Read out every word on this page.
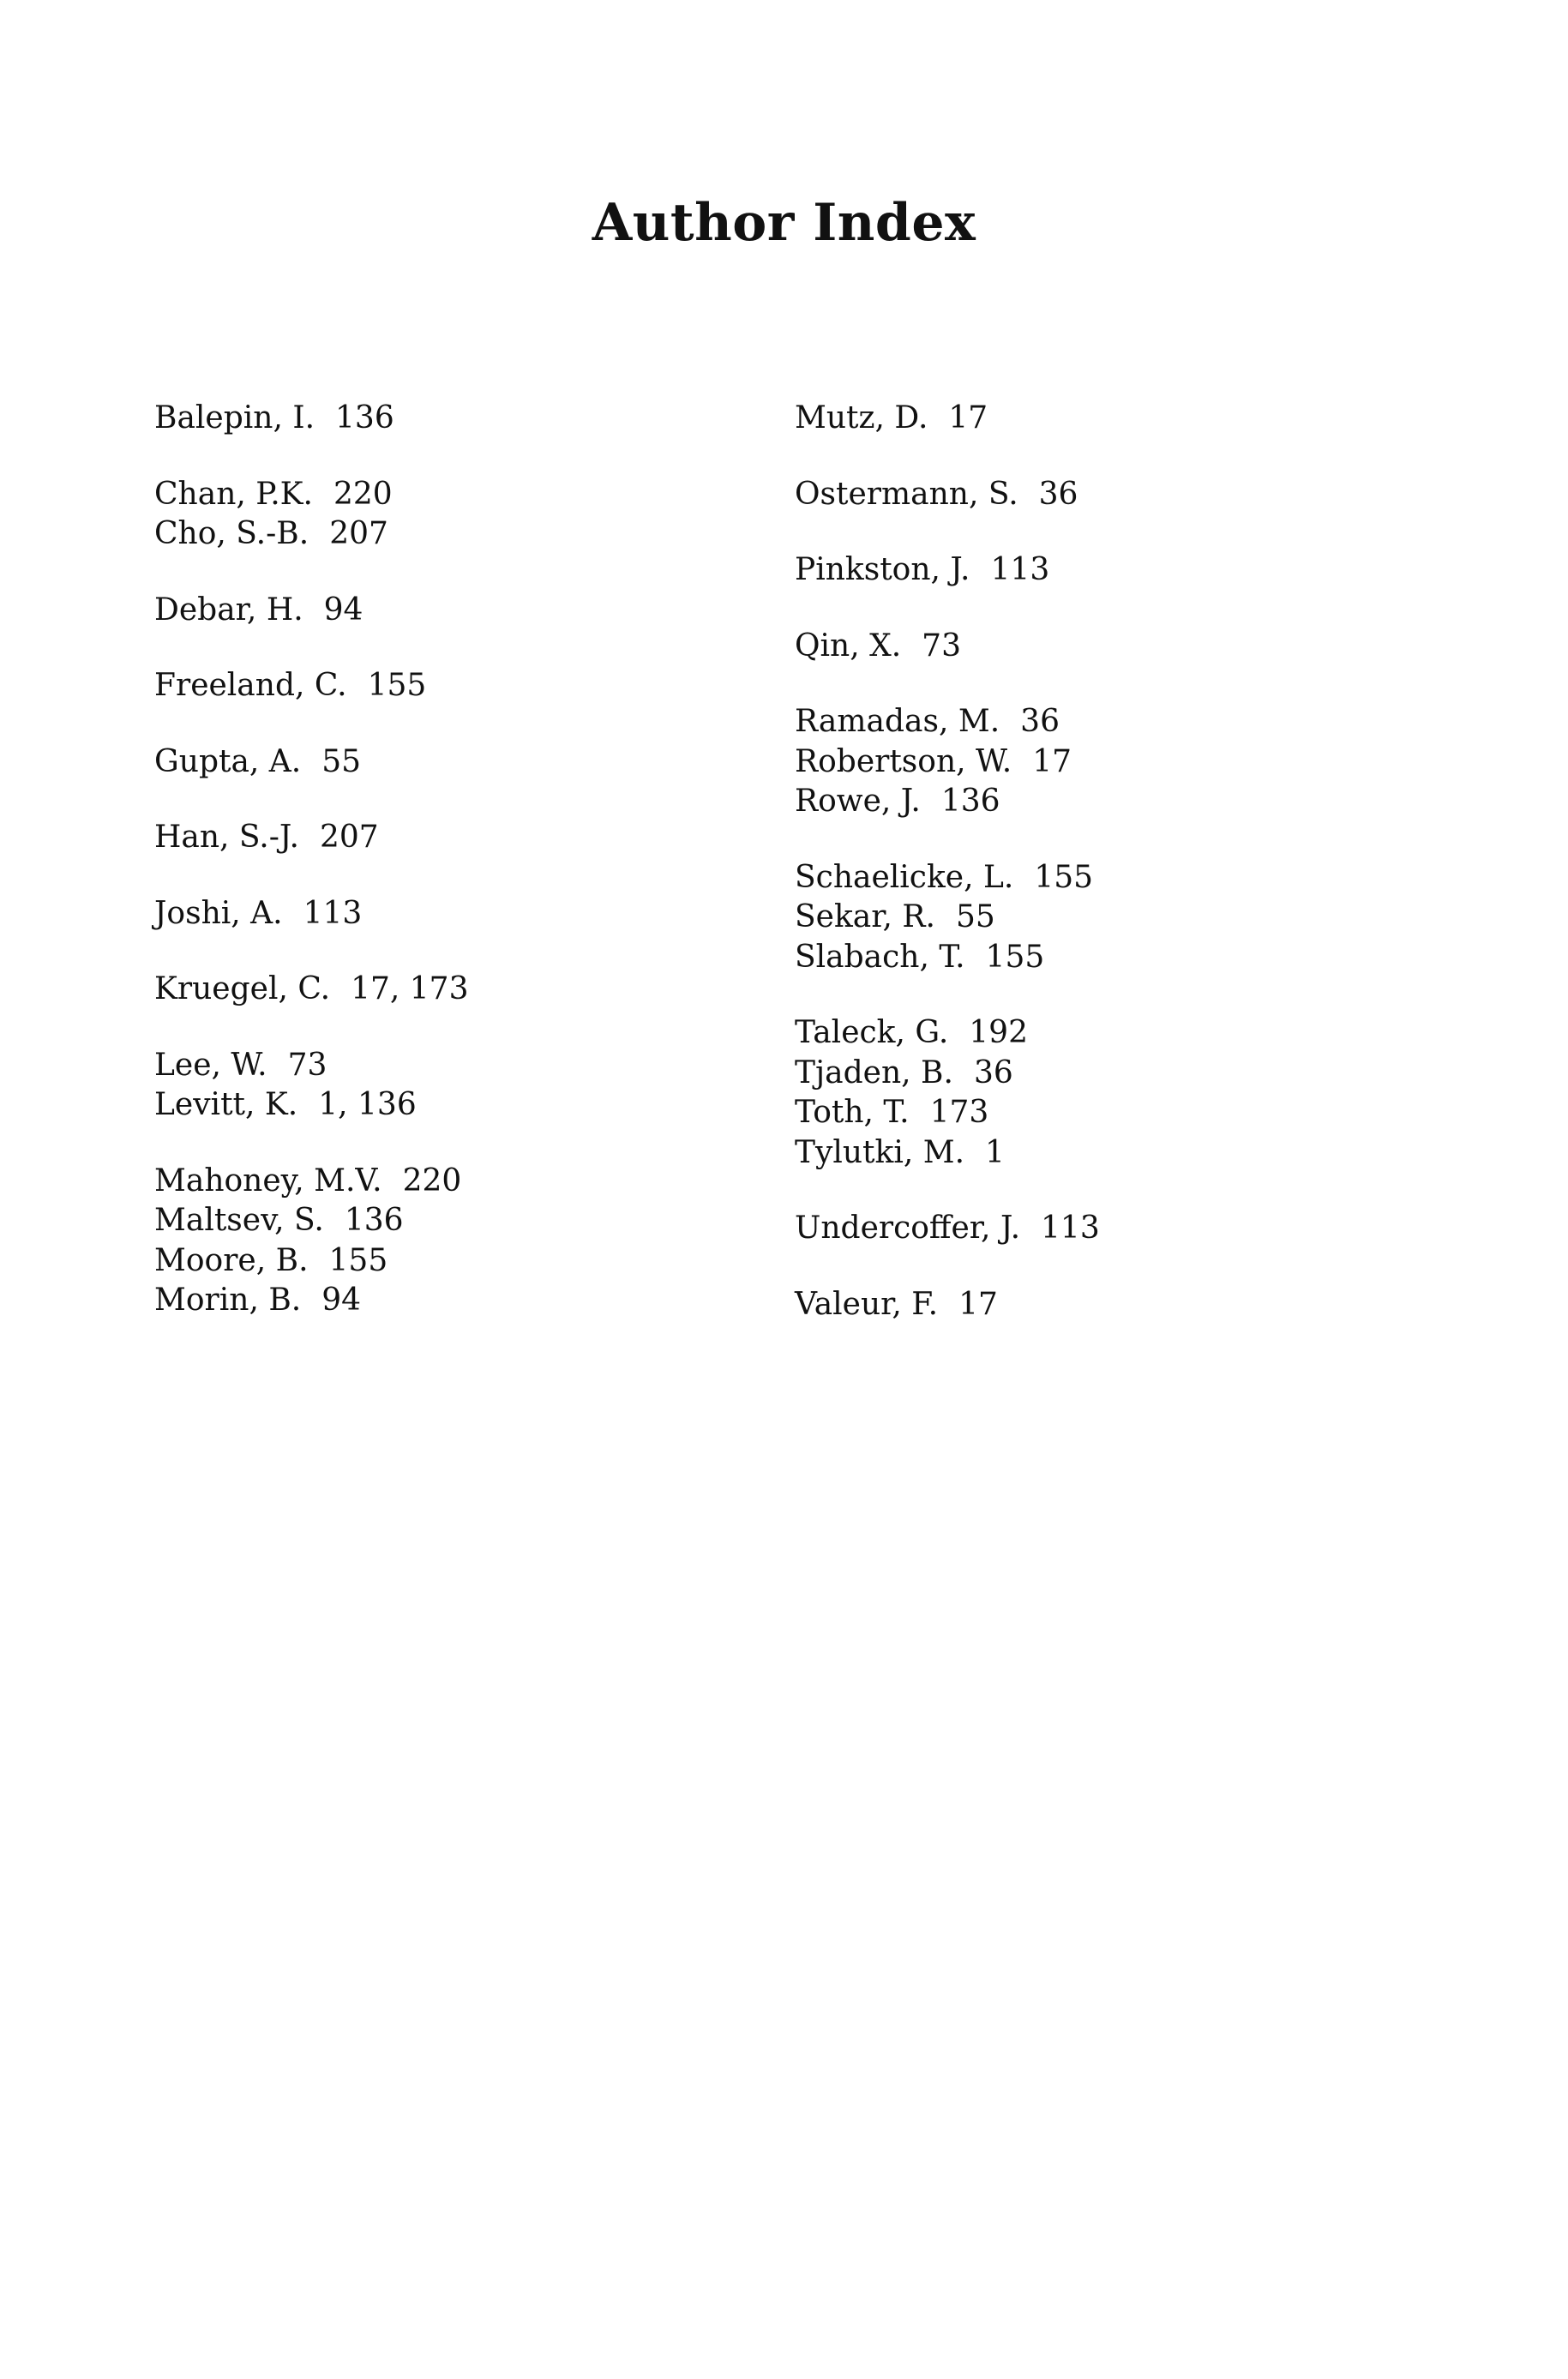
Author Index
Balepin, I. 136
Chan, P.K. 220
Cho, S.-B. 207
Debar, H. 94
Freeland, C. 155
Gupta, A. 55
Han, S.-J. 207
Joshi, A. 113
Kruegel, C. 17, 173
Lee, W. 73
Levitt, K. 1, 136
Mahoney, M.V. 220
Maltsev, S. 136
Moore, B. 155
Morin, B. 94
Mutz, D. 17
Ostermann, S. 36
Pinkston, J. 113
Qin, X. 73
Ramadas, M. 36
Robertson, W. 17
Rowe, J. 136
Schaelicke, L. 155
Sekar, R. 55
Slabach, T. 155
Taleck, G. 192
Tjaden, B. 36
Toth, T. 173
Tylutki, M. 1
Undercoffer, J. 113
Valeur, F. 17
